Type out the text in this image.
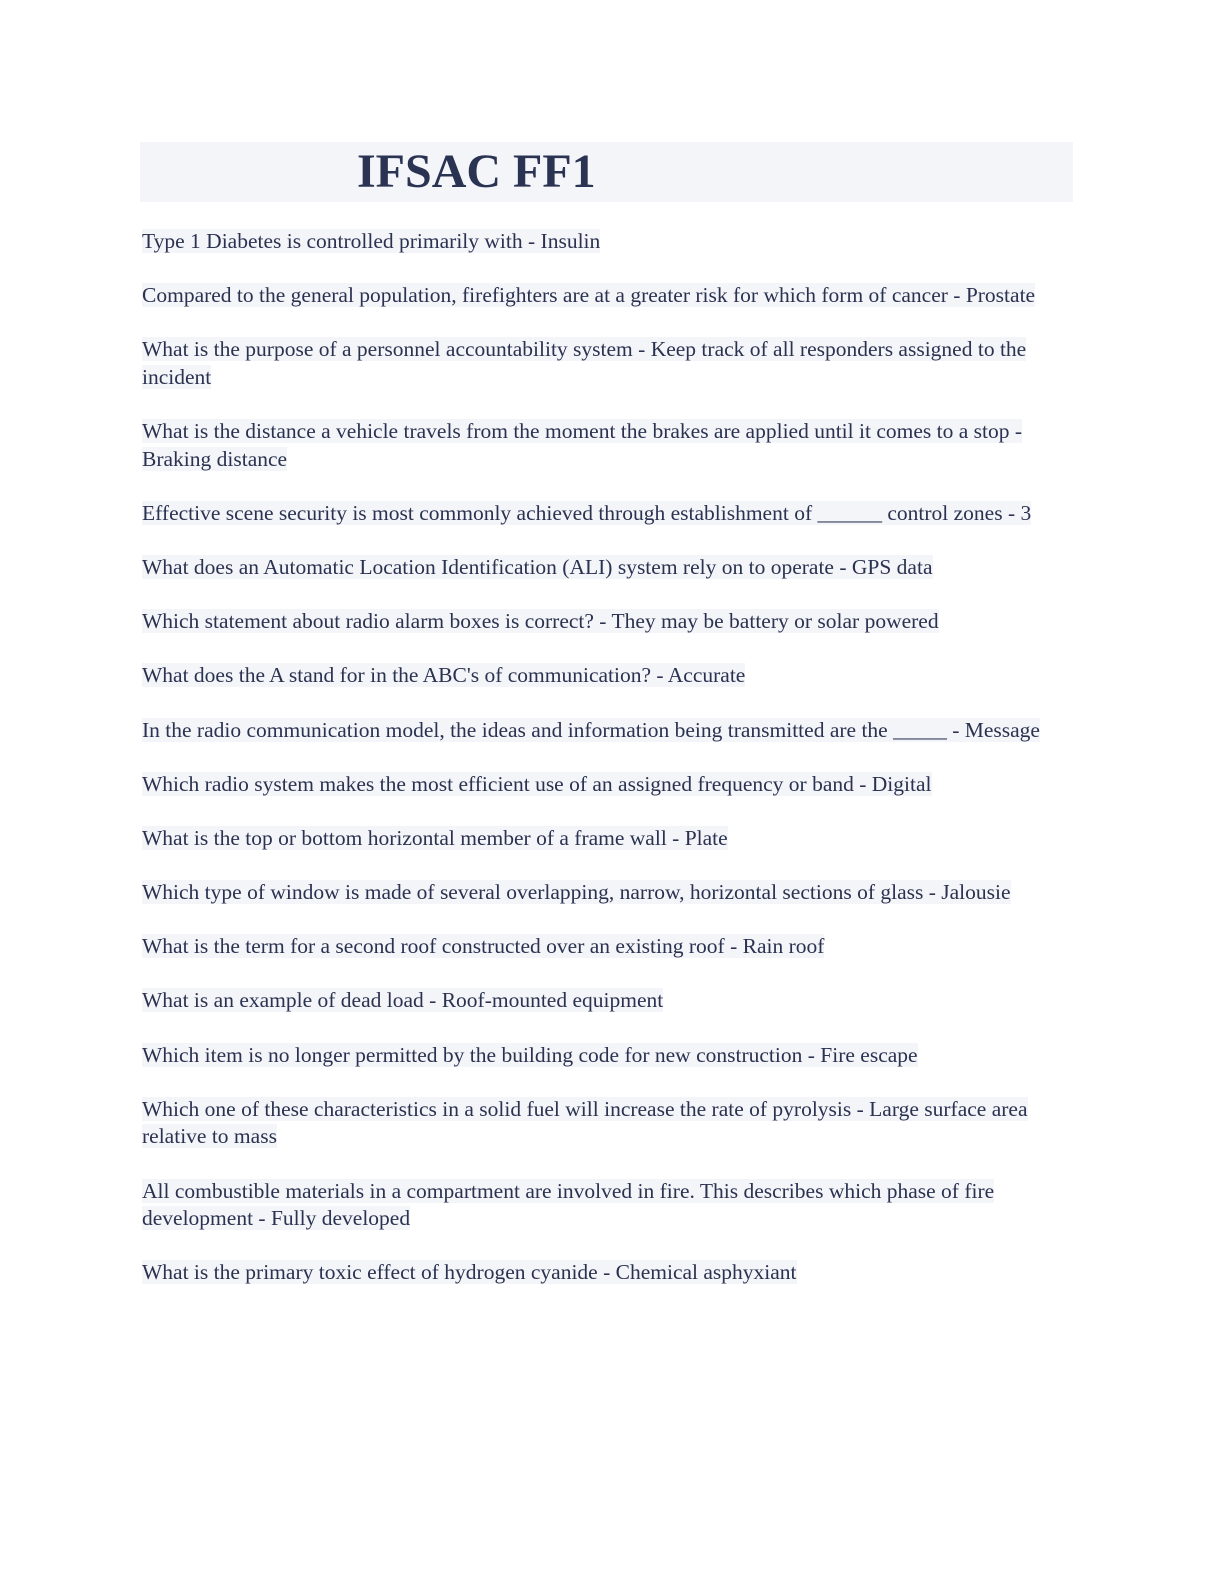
IFSAC FF1
Type 1 Diabetes is controlled primarily with - Insulin
Compared to the general population, firefighters are at a greater risk for which form of cancer - Prostate
What is the purpose of a personnel accountability system - Keep track of all responders assigned to the incident
What is the distance a vehicle travels from the moment the brakes are applied until it comes to a stop - Braking distance
Effective scene security is most commonly achieved through establishment of ______ control zones - 3
What does an Automatic Location Identification (ALI) system rely on to operate - GPS data
Which statement about radio alarm boxes is correct? - They may be battery or solar powered
What does the A stand for in the ABC's of communication? - Accurate
In the radio communication model, the ideas and information being transmitted are the _____ - Message
Which radio system makes the most efficient use of an assigned frequency or band - Digital
What is the top or bottom horizontal member of a frame wall - Plate
Which type of window is made of several overlapping, narrow, horizontal sections of glass - Jalousie
What is the term for a second roof constructed over an existing roof - Rain roof
What is an example of dead load - Roof-mounted equipment
Which item is no longer permitted by the building code for new construction - Fire escape
Which one of these characteristics in a solid fuel will increase the rate of pyrolysis - Large surface area relative to mass
All combustible materials in a compartment are involved in fire. This describes which phase of fire development - Fully developed
What is the primary toxic effect of hydrogen cyanide - Chemical asphyxiant
